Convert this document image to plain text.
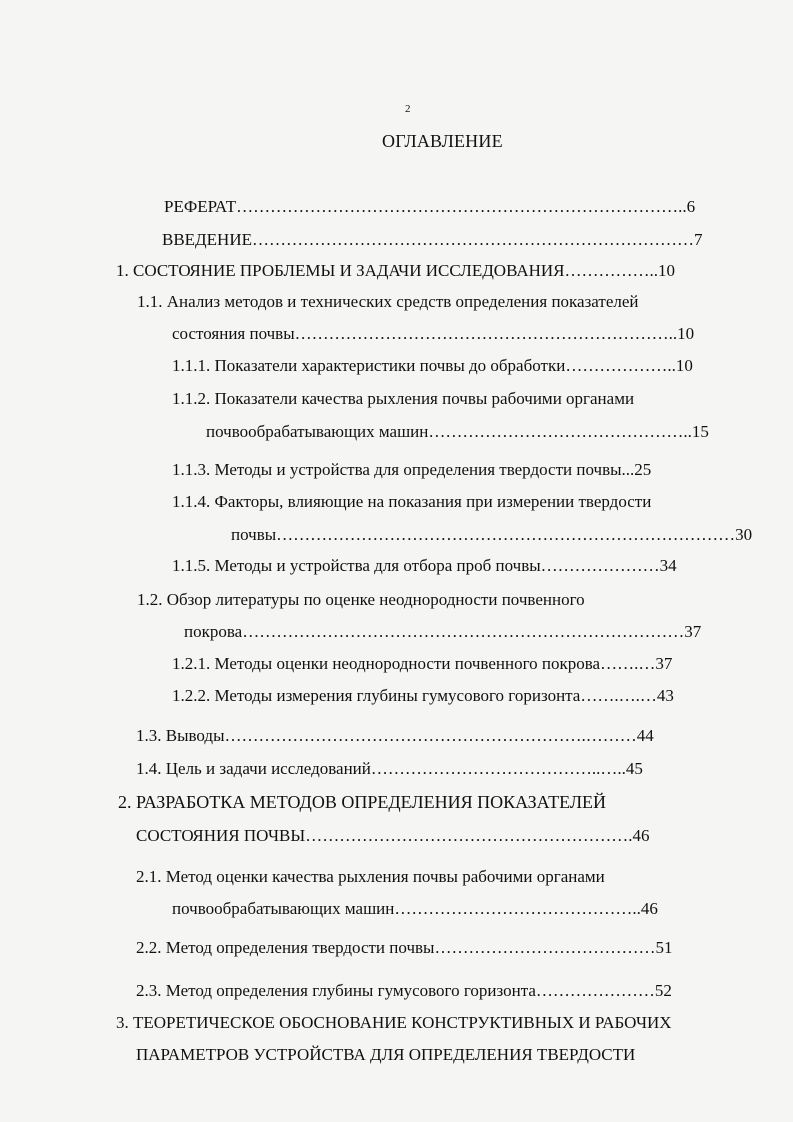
2
ОГЛАВЛЕНИЕ
РЕФЕРАТ……………………………………………………………………..6
ВВЕДЕНИЕ……………………………………………………………………7
1. СОСТОЯНИЕ ПРОБЛЕМЫ И ЗАДАЧИ ИССЛЕДОВАНИЯ……………..10
1.1. Анализ методов и технических средств определения показателей
состояния почвы…………………………………………………………..10
1.1.1. Показатели характеристики почвы до обработки………………..10
1.1.2. Показатели качества рыхления почвы рабочими органами
почвообрабатывающих машин………………………………………..15
1.1.3. Методы и устройства для определения твердости почвы...25
1.1.4. Факторы, влияющие на показания при измерении твердости
почвы………………………………………………………………………30
1.1.5. Методы и устройства для отбора проб почвы…………………34
1.2. Обзор литературы по оценке неоднородности почвенного
покрова……………………………………………………………………37
1.2.1. Методы оценки неоднородности почвенного покрова…….…37
1.2.2. Методы измерения глубины гумусового горизонта…….….…43
1.3. Выводы……………………………………………………….………44
1.4. Цель и задачи исследований…………………………………..…..45
2. РАЗРАБОТКА МЕТОДОВ ОПРЕДЕЛЕНИЯ ПОКАЗАТЕЛЕЙ
СОСТОЯНИЯ ПОЧВЫ………………………………………………….46
2.1. Метод оценки качества рыхления почвы рабочими органами
почвообрабатывающих машин……………………………………..46
2.2. Метод определения твердости почвы…………………………………51
2.3. Метод определения глубины гумусового горизонта…………………52
3. ТЕОРЕТИЧЕСКОЕ ОБОСНОВАНИЕ КОНСТРУКТИВНЫХ И РАБОЧИХ
ПАРАМЕТРОВ УСТРОЙСТВА ДЛЯ ОПРЕДЕЛЕНИЯ ТВЕРДОСТИ
